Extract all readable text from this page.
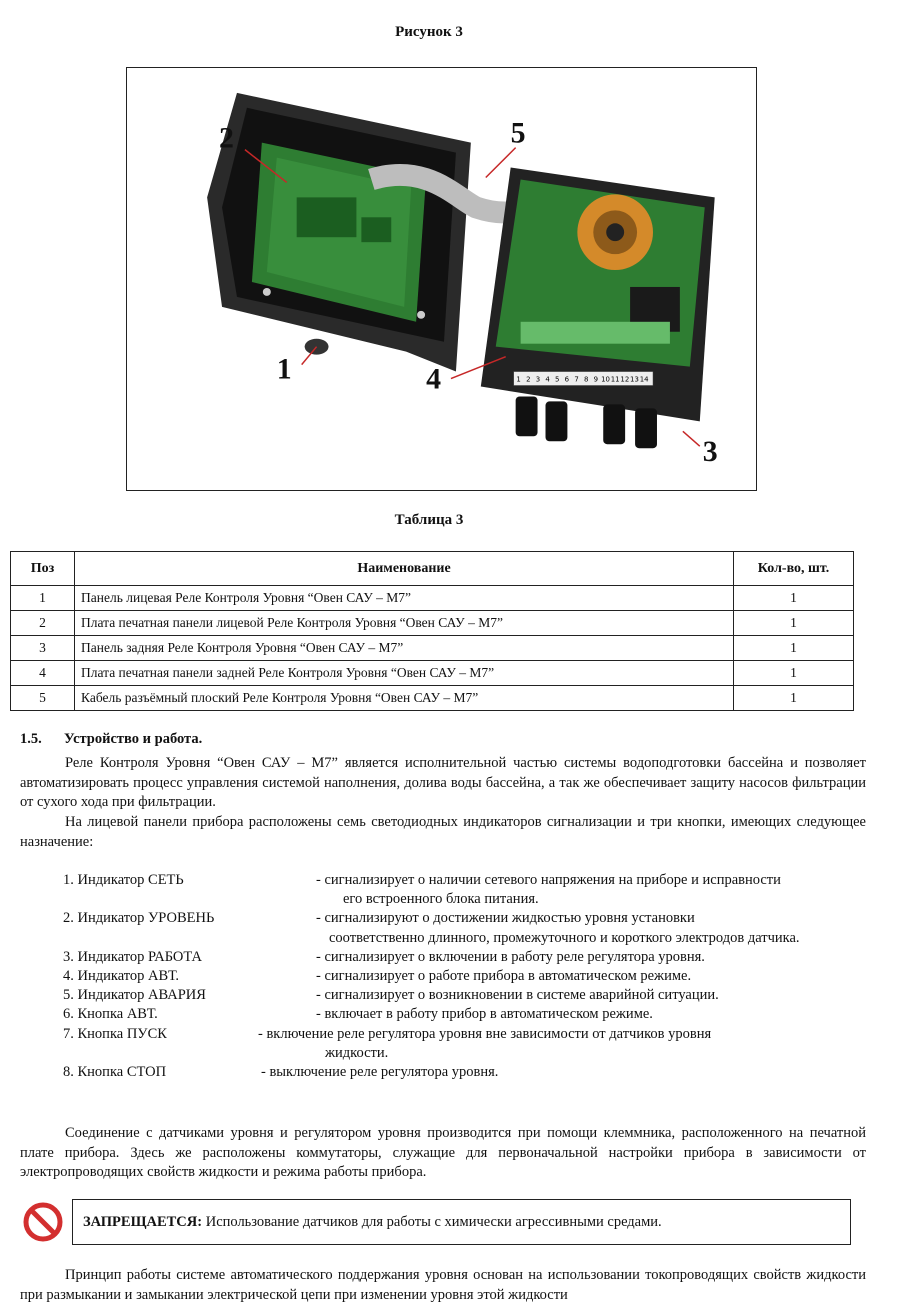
Рисунок 3
1 2 3 4 5 6 7 8 9 1011121314
1
2
3
4
5
Таблица 3
Поз	Наименование	Кол-во, шт.
1	Панель лицевая Реле Контроля Уровня “Овен САУ – М7”	1
2	Плата печатная панели лицевой Реле Контроля Уровня “Овен САУ – М7”	1
3	Панель задняя Реле Контроля Уровня “Овен САУ – М7”	1
4	Плата печатная панели задней Реле Контроля Уровня “Овен САУ – М7”	1
5	Кабель разъёмный плоский Реле Контроля Уровня “Овен САУ – М7”	1
1.5. Устройство и работа.
Реле Контроля Уровня “Овен САУ – М7” является исполнительной частью системы водоподготовки бассейна и позволяет автоматизировать процесс управления системой наполнения, долива воды бассейна, а так же обеспечивает защиту насосов фильтрации от сухого хода при фильтрации.
На лицевой панели прибора расположены семь светодиодных индикаторов сигнализации и три кнопки, имеющих следующее назначение:
1. Индикатор СЕТЬ	- сигнализирует о наличии сетевого напряжения на приборе и исправности
его встроенного блока питания.
2. Индикатор УРОВЕНЬ	- сигнализируют о достижении жидкостью уровня установки
соответственно длинного, промежуточного и короткого электродов датчика.
3. Индикатор РАБОТА	- сигнализирует о включении в работу реле регулятора уровня.
4. Индикатор АВТ.	- сигнализирует о работе прибора в автоматическом режиме.
5. Индикатор АВАРИЯ	- сигнализирует о возникновении в системе аварийной ситуации.
6. Кнопка АВТ.	- включает в работу прибор в автоматическом режиме.
7. Кнопка ПУСК	- включение реле регулятора уровня вне зависимости от датчиков уровня
жидкости.
8. Кнопка СТОП	- выключение реле регулятора уровня.
Соединение с датчиками уровня и регулятором уровня производится при помощи клеммника, расположенного на печатной плате прибора. Здесь же расположены коммутаторы, служащие для первоначальной настройки прибора в зависимости от электропроводящих свойств жидкости и режима работы прибора.
ЗАПРЕЩАЕТСЯ: Использование датчиков для работы с химически агрессивными средами.
Принцип работы системе автоматического поддержания уровня основан на использовании токопроводящих свойств жидкости при размыкании и замыкании электрической цепи при изменении уровня этой жидкости
